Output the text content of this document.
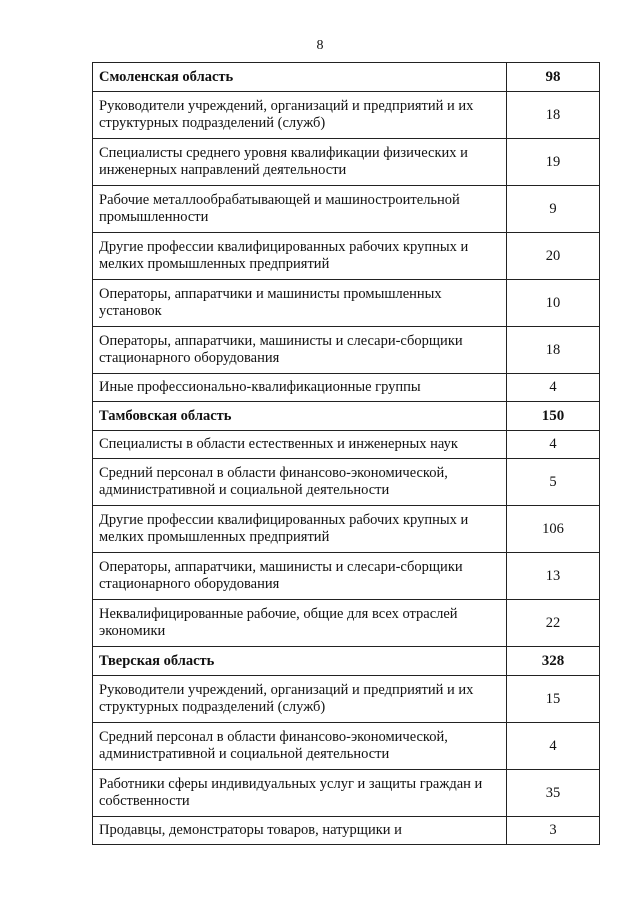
8
Смоленская область	98
Руководители учреждений, организаций и предприятий и их структурных подразделений (служб)	18
Специалисты среднего уровня квалификации физических и инженерных направлений деятельности	19
Рабочие металлообрабатывающей и машиностроительной промышленности	9
Другие профессии квалифицированных рабочих крупных и мелких промышленных предприятий	20
Операторы, аппаратчики и машинисты промышленных установок	10
Операторы, аппаратчики, машинисты и слесари-сборщики стационарного оборудования	18
Иные профессионально-квалификационные группы	4
Тамбовская область	150
Специалисты в области естественных и инженерных наук	4
Средний персонал в области финансово-экономической, административной и социальной деятельности	5
Другие профессии квалифицированных рабочих крупных и мелких промышленных предприятий	106
Операторы, аппаратчики, машинисты и слесари-сборщики стационарного оборудования	13
Неквалифицированные рабочие, общие для всех отраслей экономики	22
Тверская область	328
Руководители учреждений, организаций и предприятий и их структурных подразделений (служб)	15
Средний персонал в области финансово-экономической, административной и социальной деятельности	4
Работники сферы индивидуальных услуг и защиты граждан и собственности	35
Продавцы, демонстраторы товаров, натурщики и	3
